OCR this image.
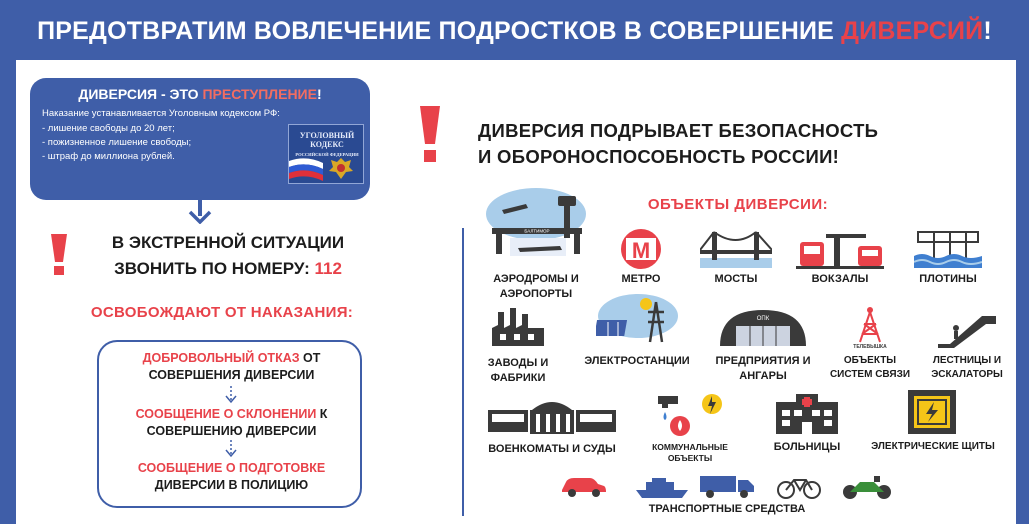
ПРЕДОТВРАТИМ ВОВЛЕЧЕНИЕ ПОДРОСТКОВ В СОВЕРШЕНИЕ ДИВЕРСИЙ!
ДИВЕРСИЯ - ЭТО ПРЕСТУПЛЕНИЕ!
Наказание устанавливается Уголовным кодексом РФ:
- лишение свободы до 20 лет;
- пожизненное лишение свободы;
- штраф до миллиона рублей.
УГОЛОВНЫЙ КОДЕКС
РОССИЙСКОЙ ФЕДЕРАЦИИ
В ЭКСТРЕННОЙ СИТУАЦИИ
ЗВОНИТЬ ПО НОМЕРУ: 112
ОСВОБОЖДАЮТ ОТ НАКАЗАНИЯ:
ДОБРОВОЛЬНЫЙ ОТКАЗ ОТ
СОВЕРШЕНИЯ ДИВЕРСИИ
СООБЩЕНИЕ О СКЛОНЕНИИ К
СОВЕРШЕНИЮ ДИВЕРСИИ
СООБЩЕНИЕ О ПОДГОТОВКЕ
ДИВЕРСИИ В ПОЛИЦИЮ
ДИВЕРСИЯ ПОДРЫВАЕТ БЕЗОПАСНОСТЬ
И ОБОРОНОСПОСОБНОСТЬ РОССИИ!
ОБЪЕКТЫ ДИВЕРСИИ:
БАЛТИМОР
АЭРОДРОМЫ И
АЭРОПОРТЫ
М
МЕТРО	МОСТЫ	ВОКЗАЛЫ	ПЛОТИНЫ
ЗАВОДЫ И
ФАБРИКИ
ЭЛЕКТРОСТАНЦИИ
ОПК
ПРЕДПРИЯТИЯ И
АНГАРЫ
ТЕЛЕВЫШКА
ОБЪЕКТЫ
СИСТЕМ СВЯЗИ
ЛЕСТНИЦЫ И
ЭСКАЛАТОРЫ
ВОЕНКОМАТЫ И СУДЫ	КОММУНАЛЬНЫЕ
ОБЪЕКТЫ
БОЛЬНИЦЫ	ЭЛЕКТРИЧЕСКИЕ ЩИТЫ
ТРАНСПОРТНЫЕ СРЕДСТВА
